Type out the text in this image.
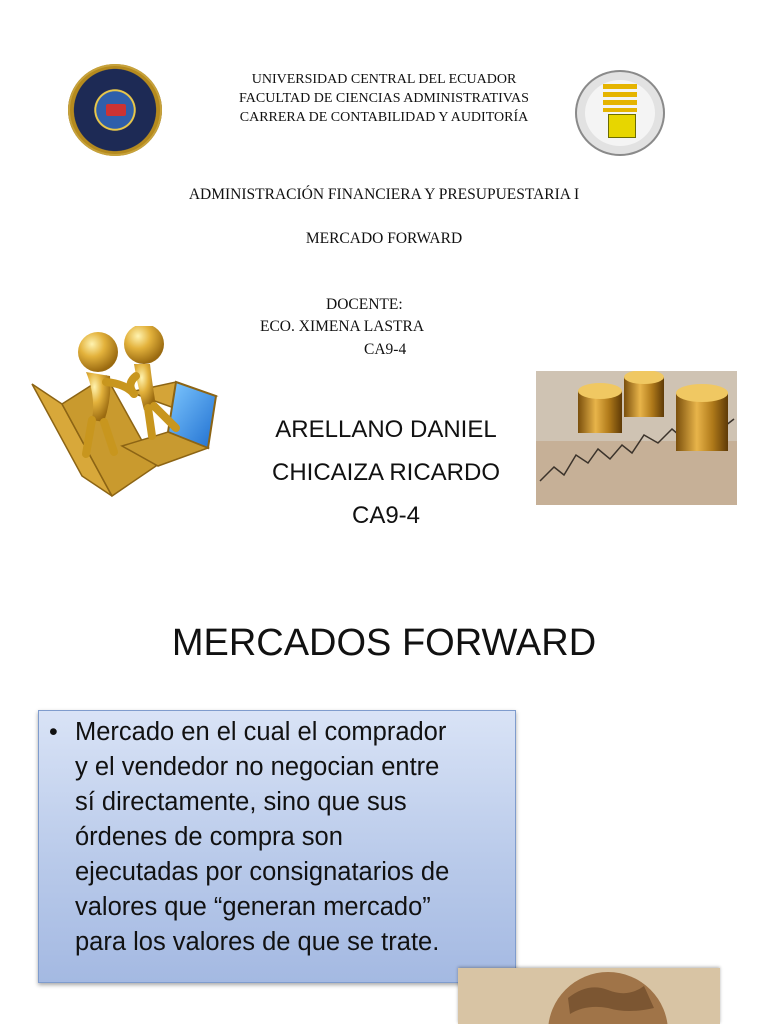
UNIVERSIDAD CENTRAL DEL ECUADOR
FACULTAD DE CIENCIAS ADMINISTRATIVAS
CARRERA DE CONTABILIDAD Y AUDITORÍA
ADMINISTRACIÓN FINANCIERA Y PRESUPUESTARIA I
MERCADO FORWARD
DOCENTE:
ECO. XIMENA LASTRA
CA9-4
ARELLANO DANIEL
CHICAIZA RICARDO
CA9-4
MERCADOS FORWARD
• Mercado en el cual el comprador
y el vendedor no negocian entre
sí directamente, sino que sus
órdenes de compra son
ejecutadas por consignatarios de
valores que “generan mercado”
para los valores de que se trate.
